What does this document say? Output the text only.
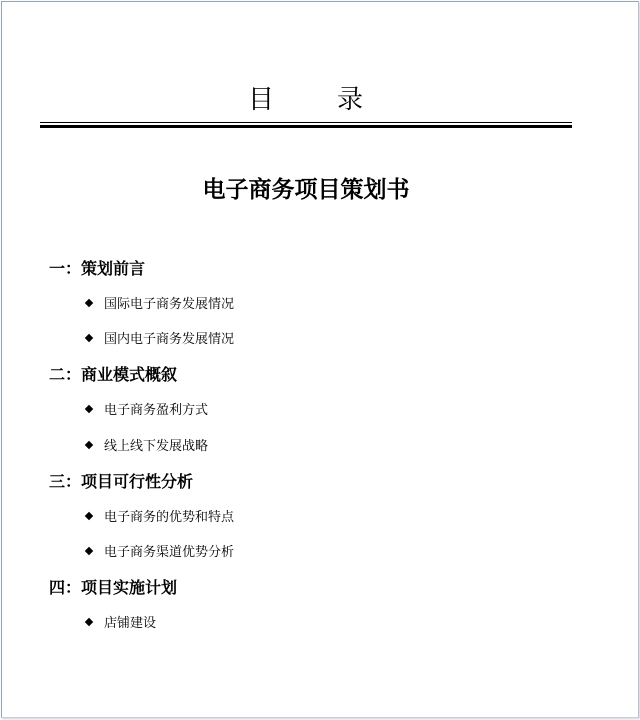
目 录
电子商务项目策划书
一：策划前言
国际电子商务发展情况
国内电子商务发展情况
二：商业模式概叙
电子商务盈利方式
线上线下发展战略
三：项目可行性分析
电子商务的优势和特点
电子商务渠道优势分析
四：项目实施计划
店铺建设
